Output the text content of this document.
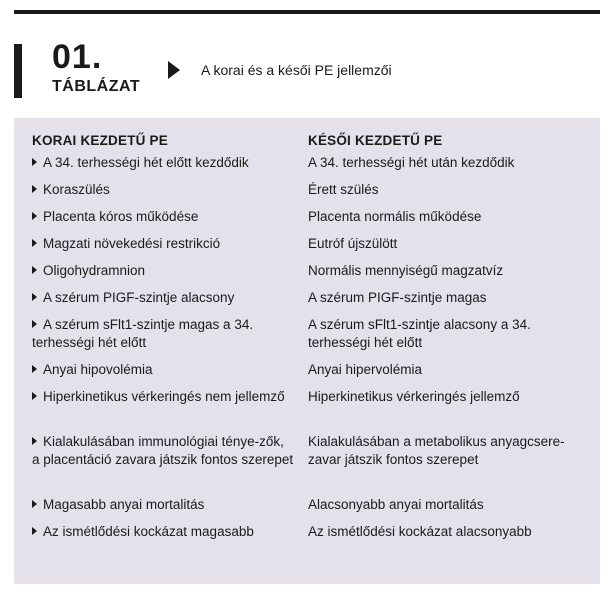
01.
TÁBLÁZAT
A korai és a késői PE jellemzői
KORAI KEZDETŰ PE
A 34. terhességi hét előtt kezdődik
Koraszülés
Placenta kóros működése
Magzati növekedési restrikció
Oligohydramnion
A szérum PIGF-szintje alacsony
A szérum sFlt1-szintje magas a 34. terhességi hét előtt
Anyai hipovolémia
Hiperkinetikus vérkeringés nem jellemző
Kialakulásában immunológiai ténye-zők, a placentáció zavara játszik fontos szerepet
Magasabb anyai mortalitás
Az ismétlődési kockázat magasabb
KÉSŐI KEZDETŰ PE
A 34. terhességi hét után kezdődik
Érett szülés
Placenta normális működése
Eutróf újszülött
Normális mennyiségű magzatvíz
A szérum PIGF-szintje magas
A szérum sFlt1-szintje alacsony a 34. terhességi hét előtt
Anyai hipervolémia
Hiperkinetikus vérkeringés jellemző
Kialakulásában a metabolikus anyagcsere-zavar játszik fontos szerepet
Alacsonyabb anyai mortalitás
Az ismétlődési kockázat alacsonyabb
